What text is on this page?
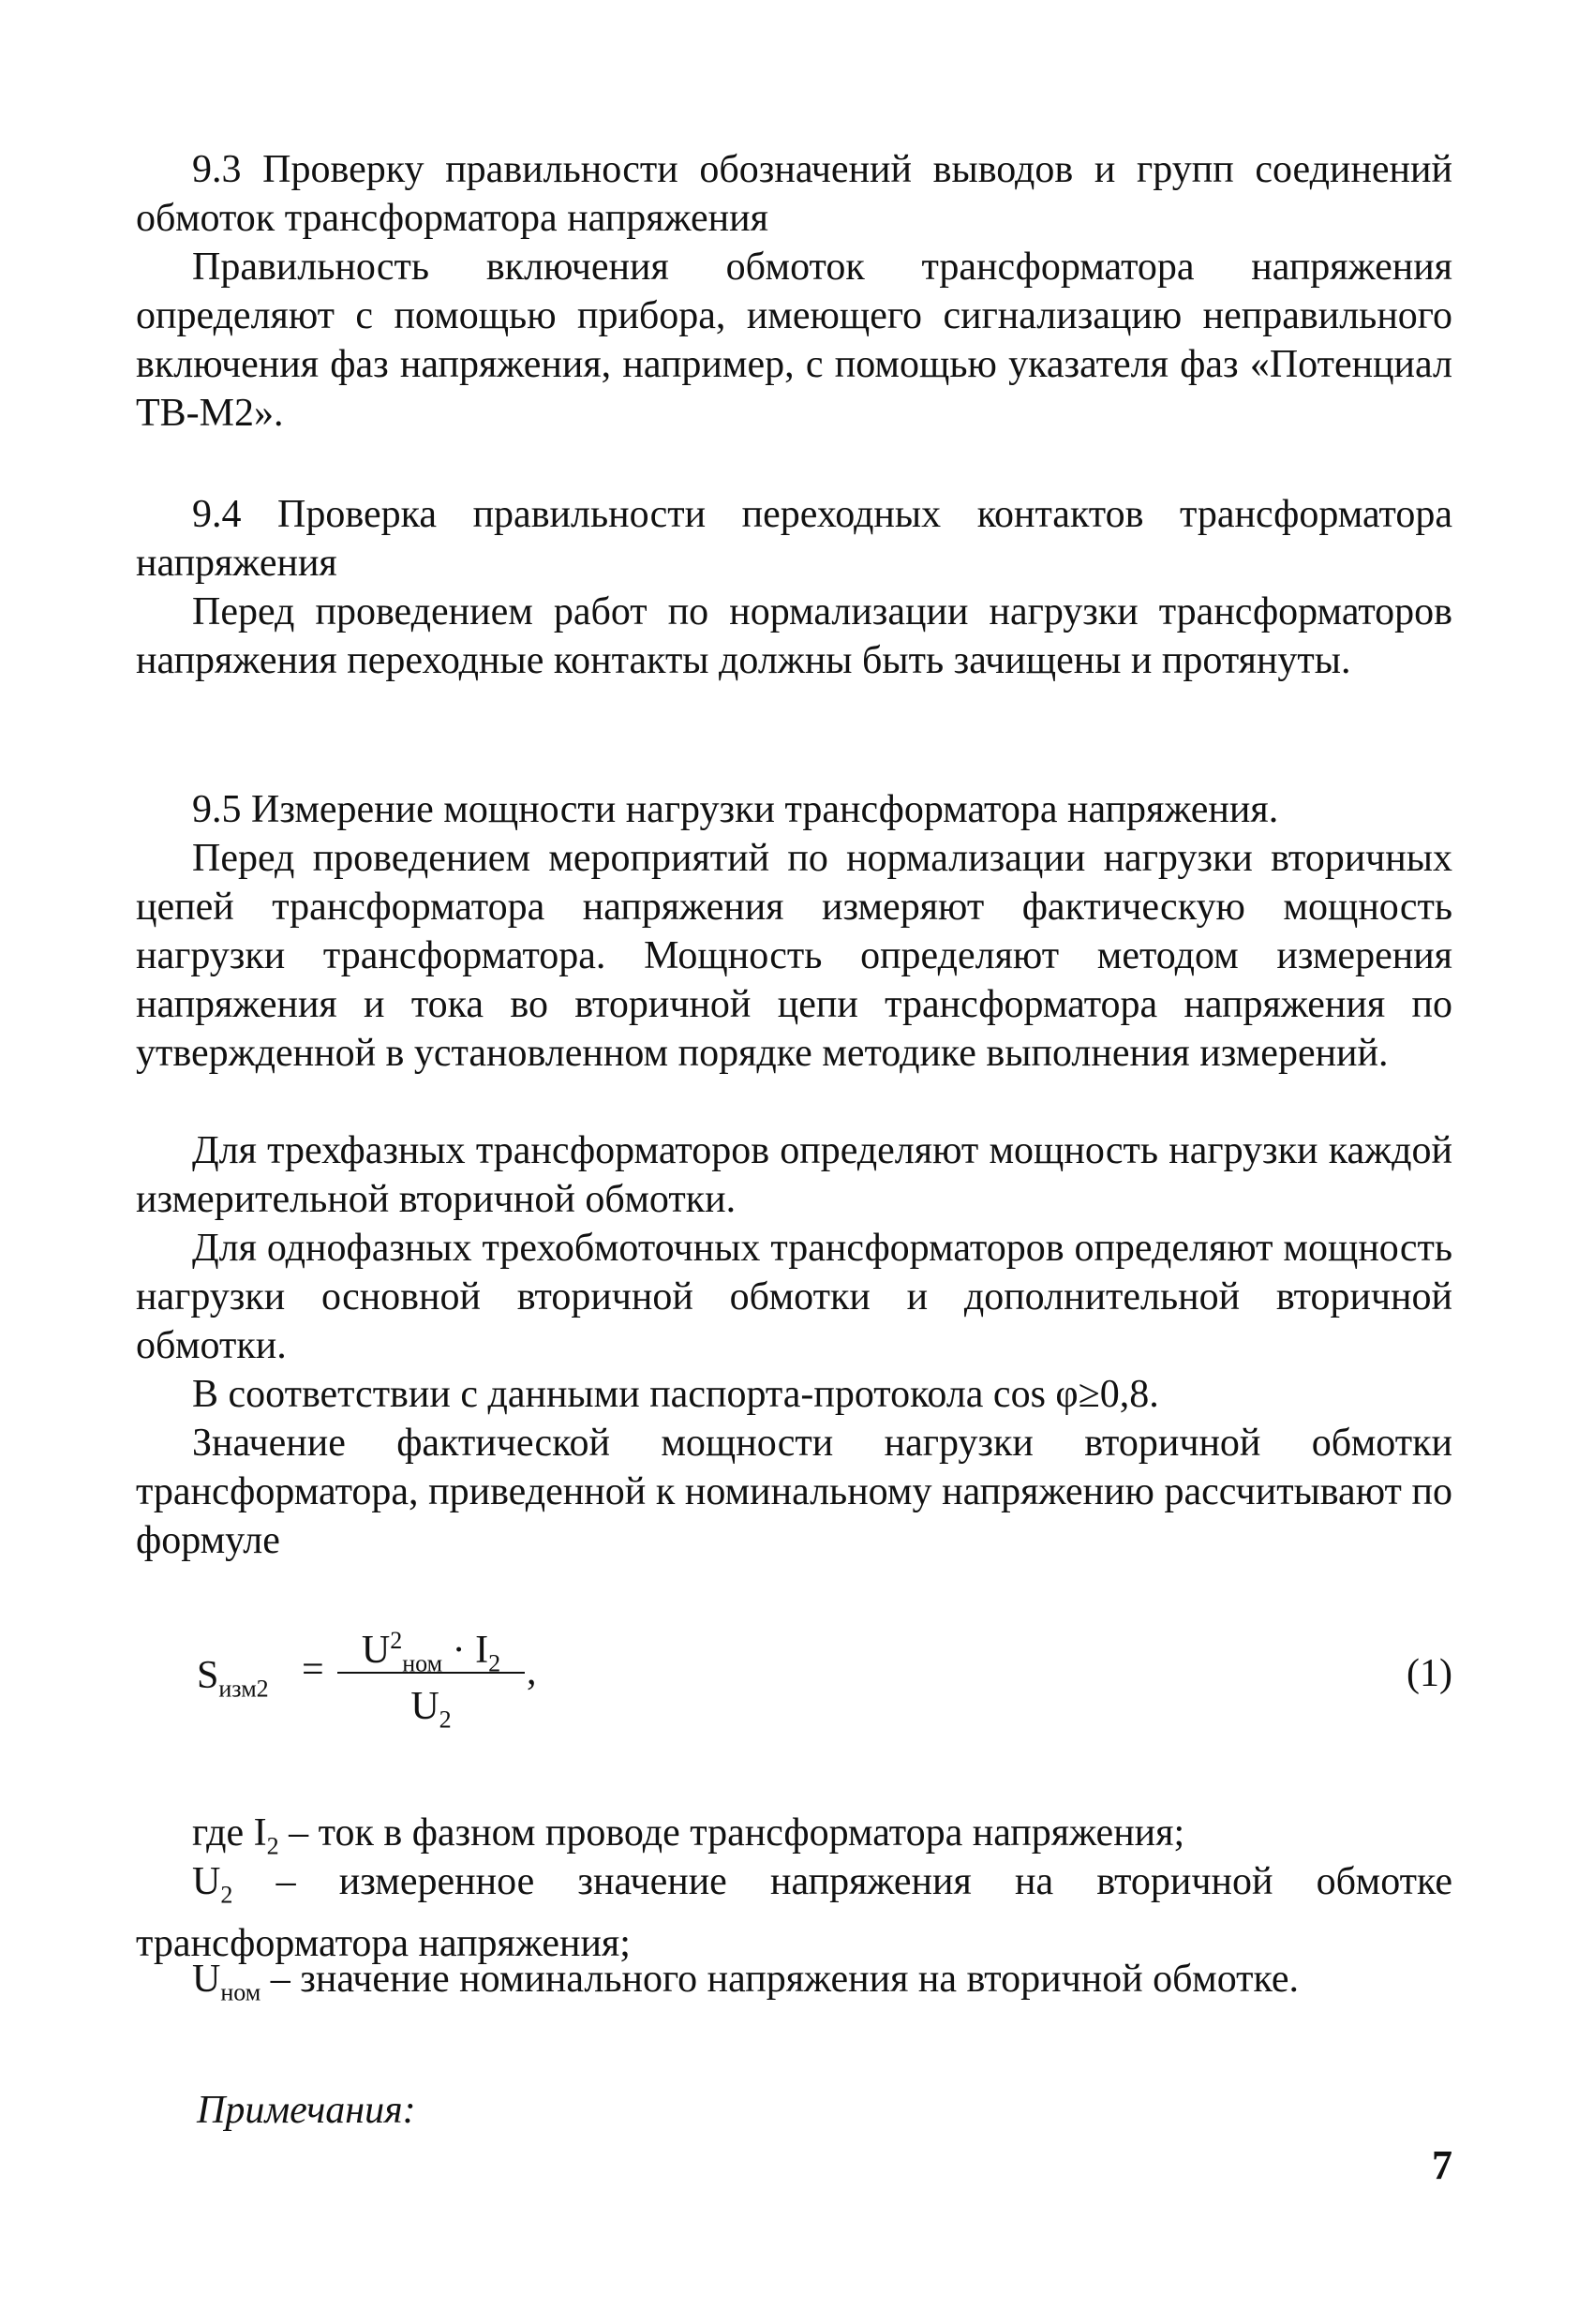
9.3 Проверку правильности обозначений выводов и групп соединений обмоток трансформатора напряжения

Правильность включения обмоток трансформатора напряжения определяют с помощью прибора, имеющего сигнализацию неправильного включения фаз напряжения, например, с помощью указателя фаз «Потенциал ТВ-М2».

9.4 Проверка правильности переходных контактов трансформатора напряжения

Перед проведением работ по нормализации нагрузки трансформаторов напряжения переходные контакты должны быть зачищены и протянуты.

9.5 Измерение мощности нагрузки трансформатора напряжения.

Перед проведением мероприятий по нормализации нагрузки вторичных цепей трансформатора напряжения измеряют фактическую мощность нагрузки трансформатора. Мощность определяют методом измерения напряжения и тока во вторичной цепи трансформатора напряжения по утвержденной в установленном порядке методике выполнения измерений.

Для трехфазных трансформаторов определяют мощность нагрузки каждой измерительной вторичной обмотки.

Для однофазных трехобмоточных трансформаторов определяют мощность нагрузки основной вторичной обмотки и дополнительной вторичной обмотки.

В соответствии с данными паспорта-протокола cos φ≥0,8.

Значение фактической мощности нагрузки вторичной обмотки трансформатора, приведенной к номинальному напряжению рассчитывают по формуле

$S_{изм2} = U^2_{ном} \cdot I_2$
$U_2$
,	(1)

где $I_2$ – ток в фазном проводе трансформатора напряжения;

$U_2$ – измеренное значение напряжения на вторичной обмотке трансформатора напряжения;

$U_{ном}$ – значение номинального напряжения на вторичной обмотке.

Примечания:
7
